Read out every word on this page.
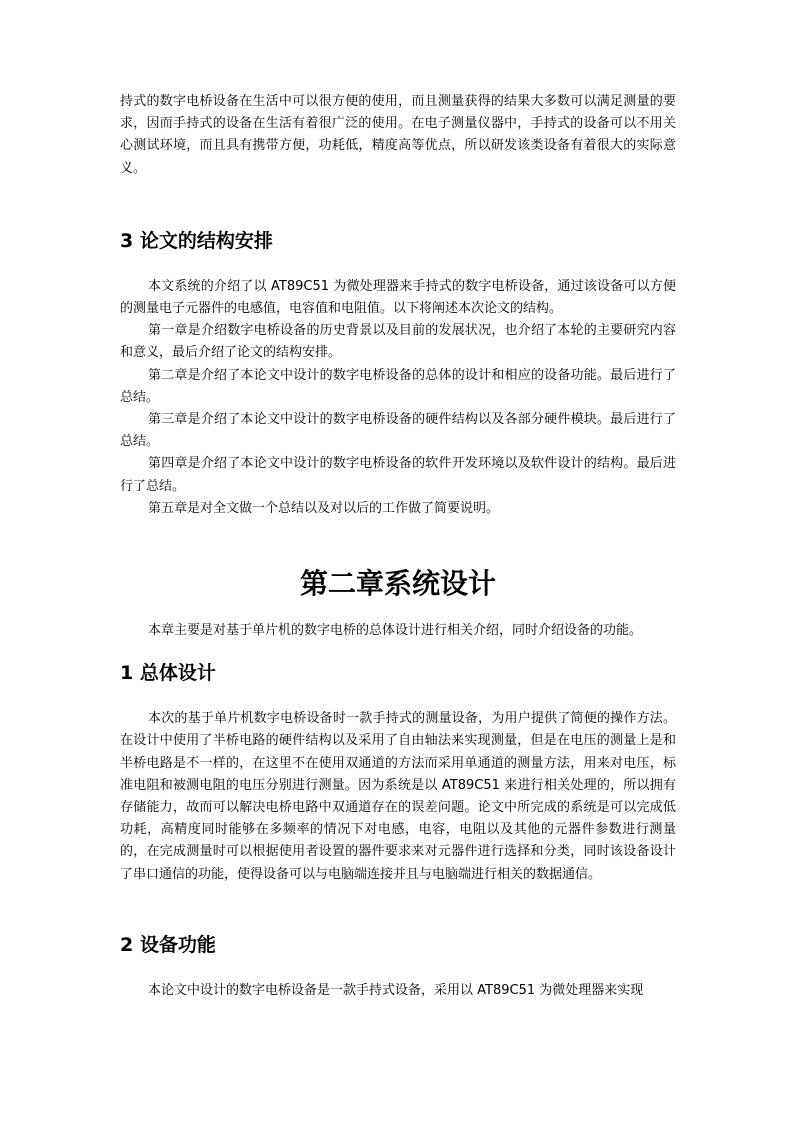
持式的数字电桥设备在生活中可以很方便的使用，而且测量获得的结果大多数可以满足测量的要求，因而手持式的设备在生活有着很广泛的使用。在电子测量仪器中，手持式的设备可以不用关心测试环境，而且具有携带方便，功耗低，精度高等优点，所以研发该类设备有着很大的实际意义。

3 论文的结构安排

本文系统的介绍了以 AT89C51 为微处理器来手持式的数字电桥设备，通过该设备可以方便的测量电子元器件的电感值，电容值和电阻值。以下将阐述本次论文的结构。

第一章是介绍数字电桥设备的历史背景以及目前的发展状况，也介绍了本轮的主要研究内容和意义，最后介绍了论文的结构安排。

第二章是介绍了本论文中设计的数字电桥设备的总体的设计和相应的设备功能。最后进行了总结。

第三章是介绍了本论文中设计的数字电桥设备的硬件结构以及各部分硬件模块。最后进行了总结。

第四章是介绍了本论文中设计的数字电桥设备的软件开发环境以及软件设计的结构。最后进行了总结。

第五章是对全文做一个总结以及对以后的工作做了简要说明。

第二章系统设计

本章主要是对基于单片机的数字电桥的总体设计进行相关介绍，同时介绍设备的功能。

1 总体设计

本次的基于单片机数字电桥设备时一款手持式的测量设备，为用户提供了简便的操作方法。在设计中使用了半桥电路的硬件结构以及采用了自由轴法来实现测量，但是在电压的测量上是和半桥电路是不一样的，在这里不在使用双通道的方法而采用单通道的测量方法，用来对电压，标准电阻和被测电阻的电压分别进行测量。因为系统是以 AT89C51 来进行相关处理的，所以拥有存储能力，故而可以解决电桥电路中双通道存在的误差问题。论文中所完成的系统是可以完成低功耗，高精度同时能够在多频率的情况下对电感，电容，电阻以及其他的元器件参数进行测量的，在完成测量时可以根据使用者设置的器件要求来对元器件进行选择和分类，同时该设备设计了串口通信的功能，使得设备可以与电脑端连接并且与电脑端进行相关的数据通信。

2 设备功能

本论文中设计的数字电桥设备是一款手持式设备，采用以 AT89C51 为微处理器来实现
